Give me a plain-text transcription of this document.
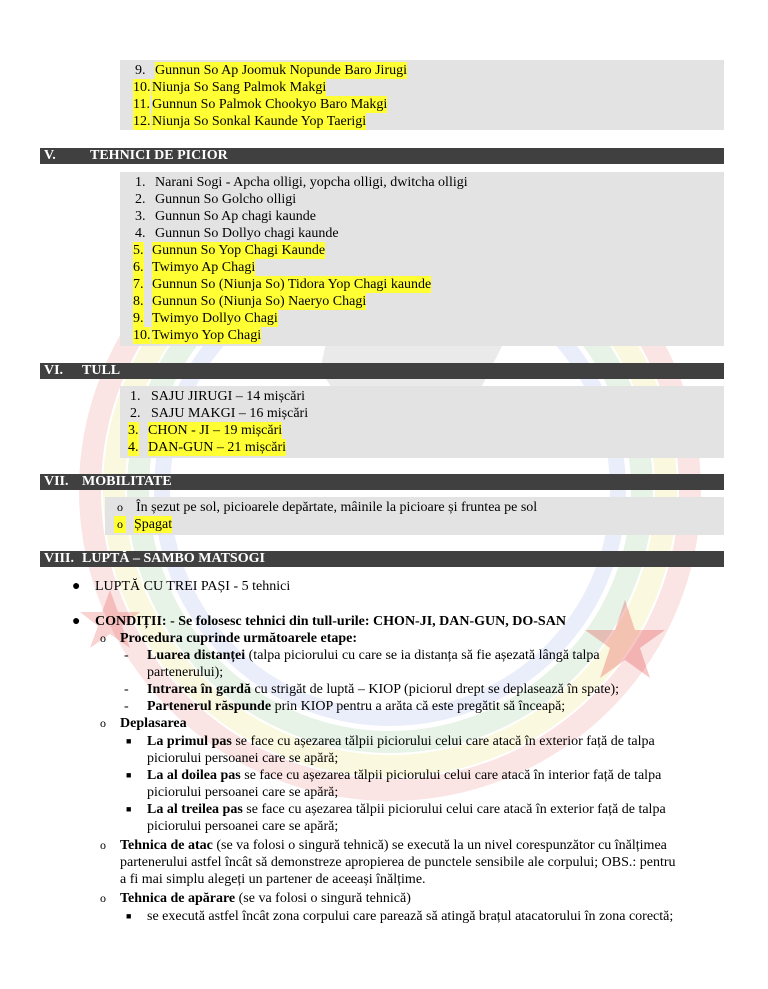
9. Gunnun So Ap Joomuk Nopunde Baro Jirugi
10. Niunja So Sang Palmok Makgi
11. Gunnun So Palmok Chookyo Baro Makgi
12. Niunja So Sonkal Kaunde Yop Taerigi
V. TEHNICI DE PICIOR
1. Narani Sogi - Apcha olligi, yopcha olligi, dwitcha olligi
2. Gunnun So Golcho olligi
3. Gunnun So Ap chagi kaunde
4. Gunnun So Dollyo chagi kaunde
5. Gunnun So Yop Chagi Kaunde
6. Twimyo Ap Chagi
7. Gunnun So (Niunja So) Tidora Yop Chagi kaunde
8. Gunnun So (Niunja So) Naeryo Chagi
9. Twimyo Dollyo Chagi
10. Twimyo Yop Chagi
VI. TULL
1. SAJU JIRUGI – 14 mișcări
2. SAJU MAKGI – 16 mișcări
3. CHON - JI – 19 mișcări
4. DAN-GUN – 21 mișcări
VII. MOBILITATE
o În șezut pe sol, picioarele depărtate, mâinile la picioare și fruntea pe sol
o Șpagat
VIII. LUPTĂ – SAMBO MATSOGI
● LUPTĂ CU TREI PAȘI - 5 tehnici
● CONDIȚII: - Se folosesc tehnici din tull-urile: CHON-JI, DAN-GUN, DO-SAN
o Procedura cuprinde următoarele etape:
- Luarea distanței (talpa piciorului cu care se ia distanța să fie așezată lângă talpa
partenerului);
- Intrarea în gardă cu strigăt de luptă – KIOP (piciorul drept se deplasează în spate);
- Partenerul răspunde prin KIOP pentru a arăta că este pregătit să înceapă;
o Deplasarea
■ La primul pas se face cu așezarea tălpii piciorului celui care atacă în exterior față de talpa
piciorului persoanei care se apără;
■ La al doilea pas se face cu așezarea tălpii piciorului celui care atacă în interior față de talpa
piciorului persoanei care se apără;
■ La al treilea pas se face cu așezarea tălpii piciorului celui care atacă în exterior față de talpa
piciorului persoanei care se apără;
o Tehnica de atac (se va folosi o singură tehnică) se execută la un nivel corespunzător cu înălțimea
partenerului astfel încât să demonstreze apropierea de punctele sensibile ale corpului; OBS.: pentru
a fi mai simplu alegeți un partener de aceeași înălțime.
o Tehnica de apărare (se va folosi o singură tehnică)
■ se execută astfel încât zona corpului care parează să atingă brațul atacatorului în zona corectă;
